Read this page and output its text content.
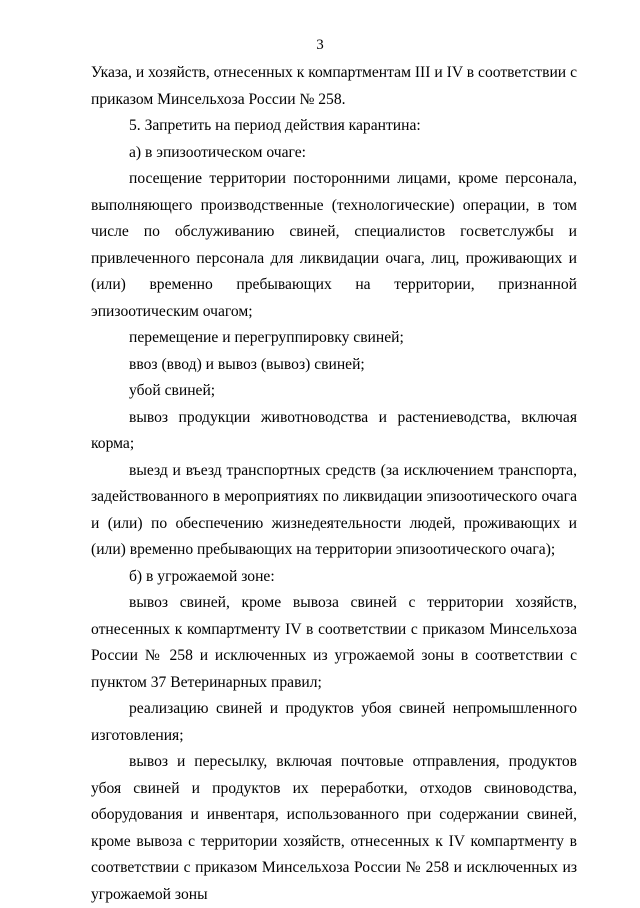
3

Указа, и хозяйств, отнесенных к компартментам III и IV в соответствии с приказом Минсельхоза России № 258.

5. Запретить на период действия карантина:

а) в эпизоотическом очаге:

посещение территории посторонними лицами, кроме персонала, выполняющего производственные (технологические) операции, в том числе по обслуживанию свиней, специалистов госветслужбы и привлеченного персонала для ликвидации очага, лиц, проживающих и (или) временно пребывающих на территории, признанной эпизоотическим очагом;

перемещение и перегруппировку свиней;

ввоз (ввод) и вывоз (вывоз) свиней;

убой свиней;

вывоз продукции животноводства и растениеводства, включая корма;

выезд и въезд транспортных средств (за исключением транспорта, задействованного в мероприятиях по ликвидации эпизоотического очага и (или) по обеспечению жизнедеятельности людей, проживающих и (или) временно пребывающих на территории эпизоотического очага);

б) в угрожаемой зоне:

вывоз свиней, кроме вывоза свиней с территории хозяйств, отнесенных к компартменту IV в соответствии с приказом Минсельхоза России № 258 и исключенных из угрожаемой зоны в соответствии с пунктом 37 Ветеринарных правил;

реализацию свиней и продуктов убоя свиней непромышленного изготовления;

вывоз и пересылку, включая почтовые отправления, продуктов убоя свиней и продуктов их переработки, отходов свиноводства, оборудования и инвентаря, использованного при содержании свиней, кроме вывоза с территории хозяйств, отнесенных к IV компартменту в соответствии с приказом Минсельхоза России № 258 и исключенных из угрожаемой зоны
